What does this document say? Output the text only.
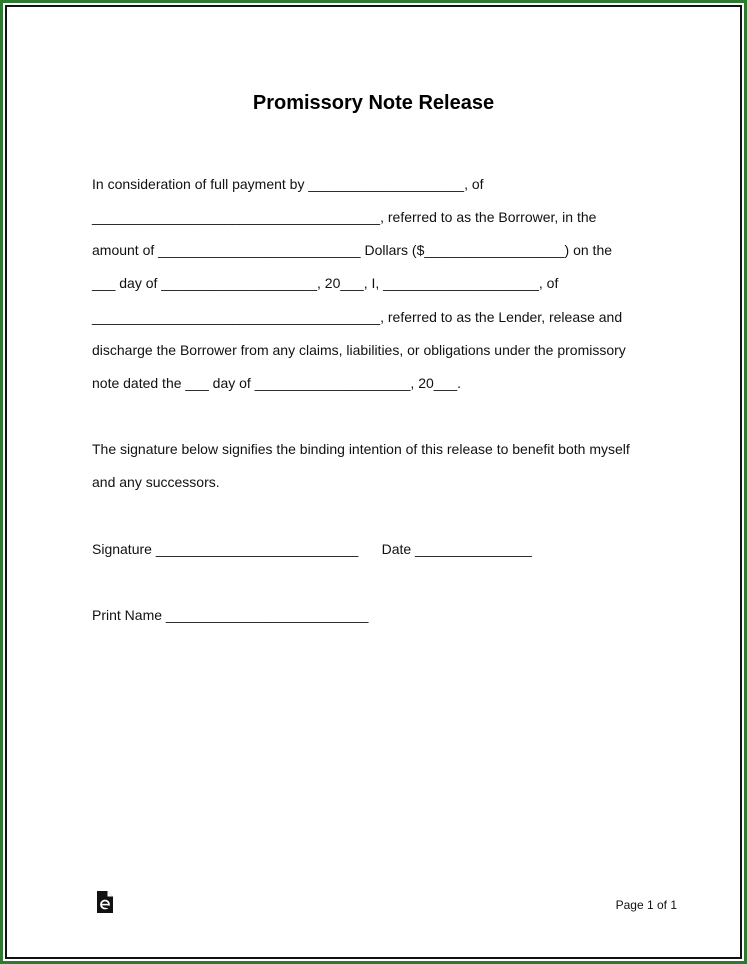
Promissory Note Release
In consideration of full payment by ____________________, of
_____________________________________, referred to as the Borrower, in the
amount of __________________________ Dollars ($__________________) on the
___ day of ____________________, 20___, I, ____________________, of
_____________________________________, referred to as the Lender, release and
discharge the Borrower from any claims, liabilities, or obligations under the promissory
note dated the ___ day of ____________________, 20___.
The signature below signifies the binding intention of this release to benefit both myself
and any successors.
Signature __________________________      Date _______________
Print Name __________________________
Page 1 of 1
